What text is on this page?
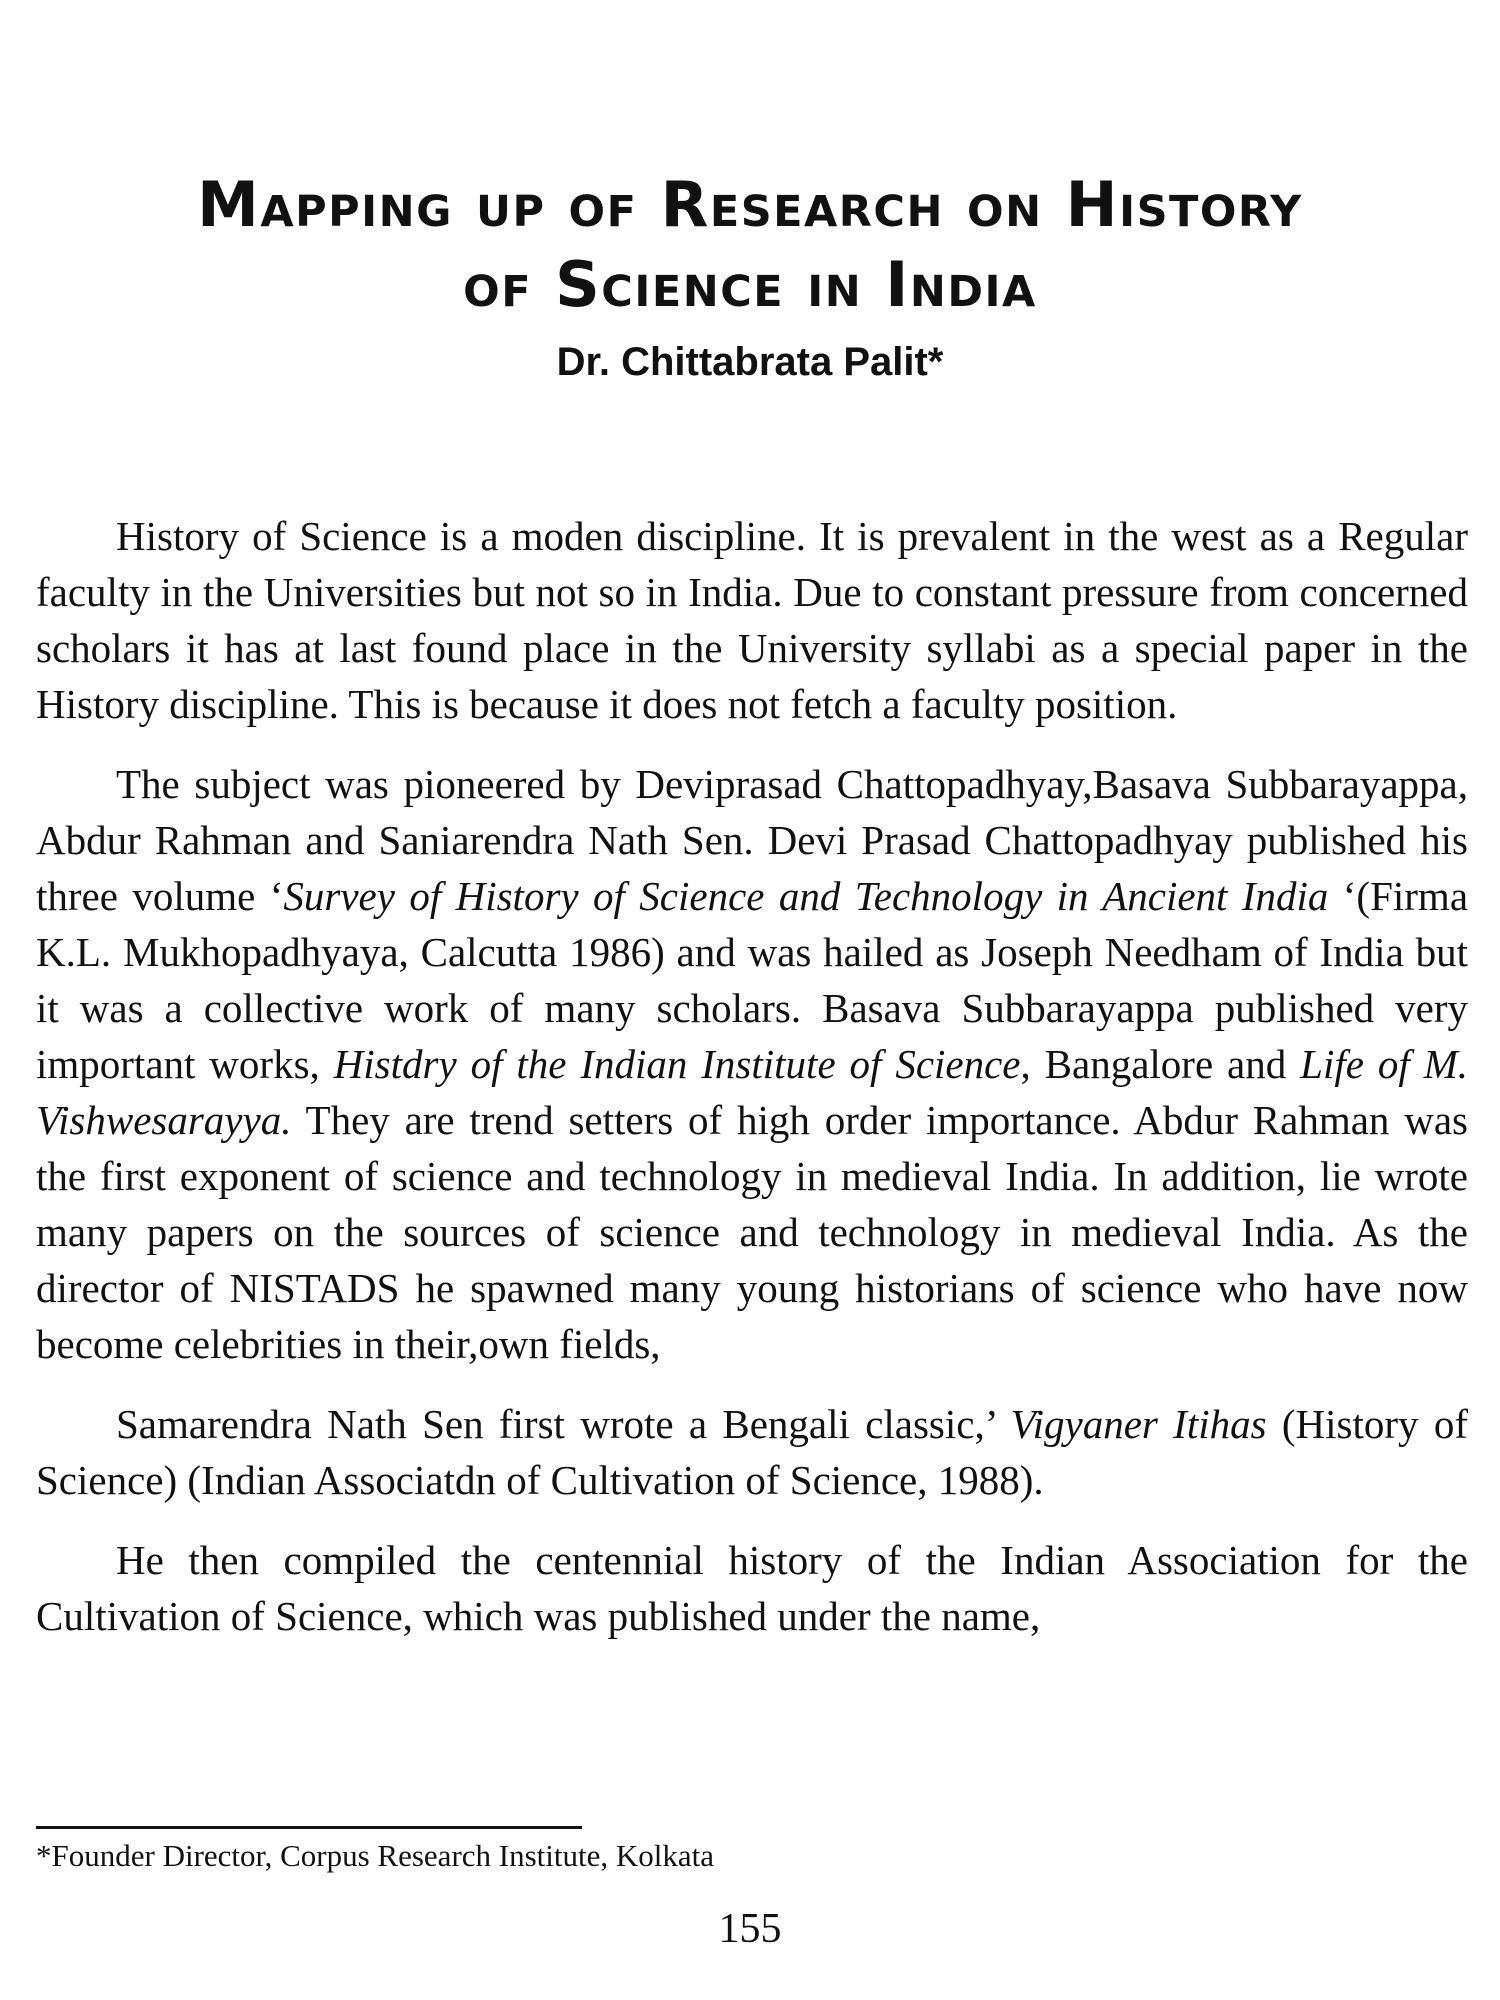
Mapping up of Research on History
of Science in India
Dr. Chittabrata Palit*

History of Science is a moden discipline. It is prevalent in the west as a Regular faculty in the Universities but not so in India. Due to constant pressure from concerned scholars it has at last found place in the University syllabi as a special paper in the History discipline. This is because it does not fetch a faculty position.

The subject was pioneered by Deviprasad Chattopadhyay,Basava Subbarayappa, Abdur Rahman and Saniarendra Nath Sen. Devi Prasad Chattopadhyay published his three volume ‘Survey of History of Science and Technology in Ancient India ‘(Firma K.L. Mukhopadhyaya, Calcutta 1986) and was hailed as Joseph Needham of India but it was a collective work of many scholars. Basava Subbarayappa published very important works, Histdry of the Indian Institute of Science, Bangalore and Life of M. Vishwesarayya. They are trend setters of high order importance. Abdur Rahman was the first exponent of science and technology in medieval India. In addition, lie wrote many papers on the sources of science and technology in medieval India. As the director of NISTADS he spawned many young historians of science who have now become celebrities in their,own fields,

Samarendra Nath Sen first wrote a Bengali classic,’ Vigyaner Itihas (History of Science) (Indian Associatdn of Cultivation of Science, 1988).

He then compiled the centennial history of the Indian Association for the Cultivation of Science, which was published under the name,

*Founder Director, Corpus Research Institute, Kolkata
155
